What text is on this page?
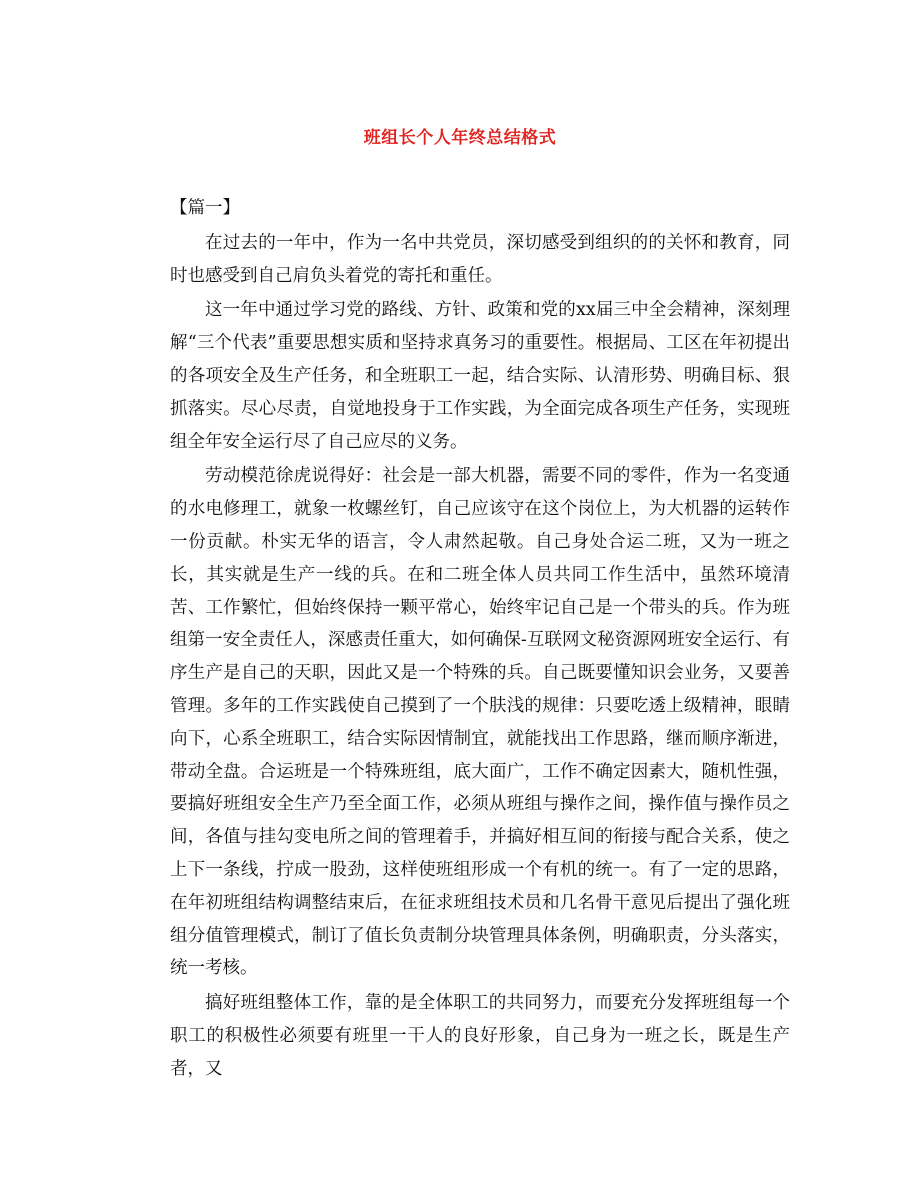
班组长个人年终总结格式
【篇一】

在过去的一年中，作为一名中共党员，深切感受到组织的的关怀和教育，同时也感受到自己肩负头着党的寄托和重任。

这一年中通过学习党的路线、方针、政策和党的xx届三中全会精神，深刻理解“三个代表”重要思想实质和坚持求真务习的重要性。根据局、工区在年初提出的各项安全及生产任务，和全班职工一起，结合实际、认清形势、明确目标、狠抓落实。尽心尽责，自觉地投身于工作实践，为全面完成各项生产任务，实现班组全年安全运行尽了自己应尽的义务。

劳动模范徐虎说得好：社会是一部大机器，需要不同的零件，作为一名变通的水电修理工，就象一枚螺丝钉，自己应该守在这个岗位上，为大机器的运转作一份贡献。朴实无华的语言，令人肃然起敬。自己身处合运二班，又为一班之长，其实就是生产一线的兵。在和二班全体人员共同工作生活中，虽然环境清苦、工作繁忙，但始终保持一颗平常心，始终牢记自己是一个带头的兵。作为班组第一安全责任人，深感责任重大，如何确保-互联网文秘资源网班安全运行、有序生产是自己的天职，因此又是一个特殊的兵。自己既要懂知识会业务，又要善管理。多年的工作实践使自己摸到了一个肤浅的规律：只要吃透上级精神，眼睛向下，心系全班职工，结合实际因情制宜，就能找出工作思路，继而顺序渐进，带动全盘。合运班是一个特殊班组，底大面广，工作不确定因素大，随机性强，要搞好班组安全生产乃至全面工作，必须从班组与操作之间，操作值与操作员之间，各值与挂勾变电所之间的管理着手，并搞好相互间的衔接与配合关系，使之上下一条线，拧成一股劲，这样使班组形成一个有机的统一。有了一定的思路，在年初班组结构调整结束后，在征求班组技术员和几名骨干意见后提出了强化班组分值管理模式，制订了值长负责制分块管理具体条例，明确职责，分头落实，统一考核。

搞好班组整体工作，靠的是全体职工的共同努力，而要充分发挥班组每一个职工的积极性必须要有班里一干人的良好形象，自己身为一班之长，既是生产者，又
